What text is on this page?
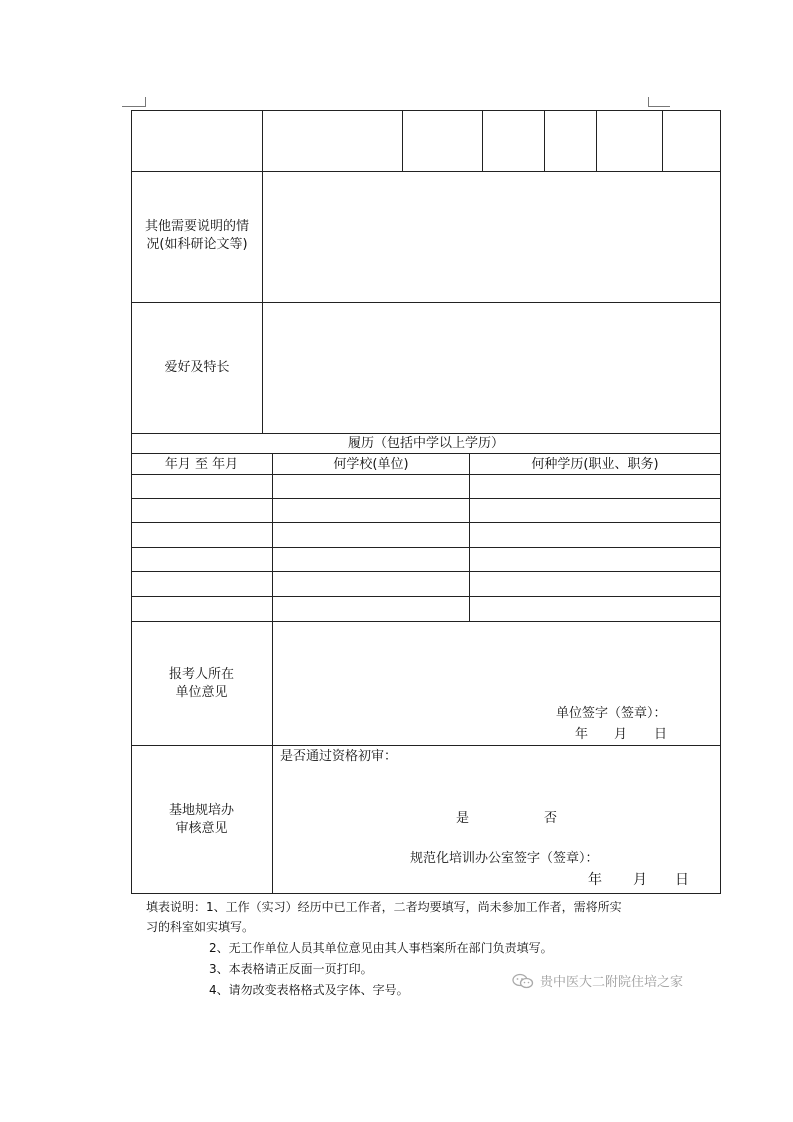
其他需要说明的情
况(如科研论文等)
爱好及特长
履历（包括中学以上学历）
年月 至 年月	何学校(单位)	何种学历(职业、职务)
报考人所在
单位意见
单位签字（签章）：
年 月 日
基地规培办
审核意见
是否通过资格初审：
是	否
规范化培训办公室签字（签章）：
年 月 日
填表说明：1、工作（实习）经历中已工作者，二者均要填写，尚未参加工作者，需将所实
习的科室如实填写。
2、无工作单位人员其单位意见由其人事档案所在部门负责填写。
3、本表格请正反面一页打印。
4、请勿改变表格格式及字体、字号。	贵中医大二附院住培之家
